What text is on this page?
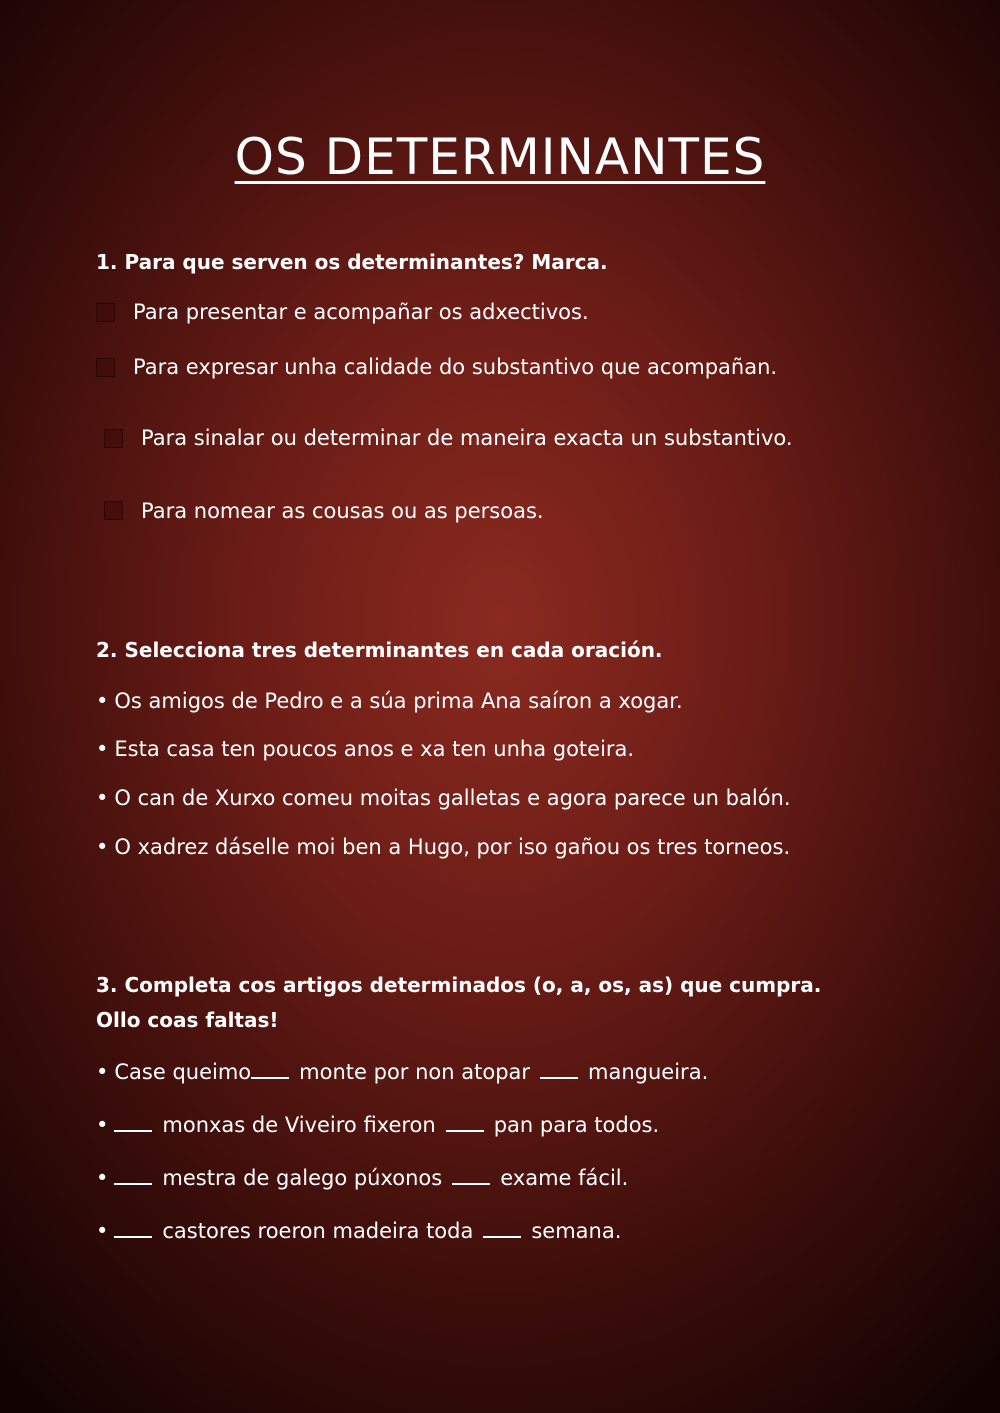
OS DETERMINANTES
1. Para que serven os determinantes? Marca.
Para presentar e acompañar os adxectivos.
Para expresar unha calidade do substantivo que acompañan.
Para sinalar ou determinar de maneira exacta un substantivo.
Para nomear as cousas ou as persoas.
2. Selecciona tres determinantes en cada oración.
• Os amigos de Pedro e a súa prima Ana saíron a xogar.
• Esta casa ten poucos anos e xa ten unha goteira.
• O can de Xurxo comeu moitas galletas e agora parece un balón.
• O xadrez dáselle moi ben a Hugo, por iso gañou os tres torneos.
3. Completa cos artigos determinados (o, a, os, as) que cumpra. Ollo coas faltas!
• Case queimo monte por non atopar	mangueira.
•	monxas de Viveiro fixeron	pan para todos.
•	mestra de galego púxonos	exame fácil.
•	castores roeron madeira toda	semana.
